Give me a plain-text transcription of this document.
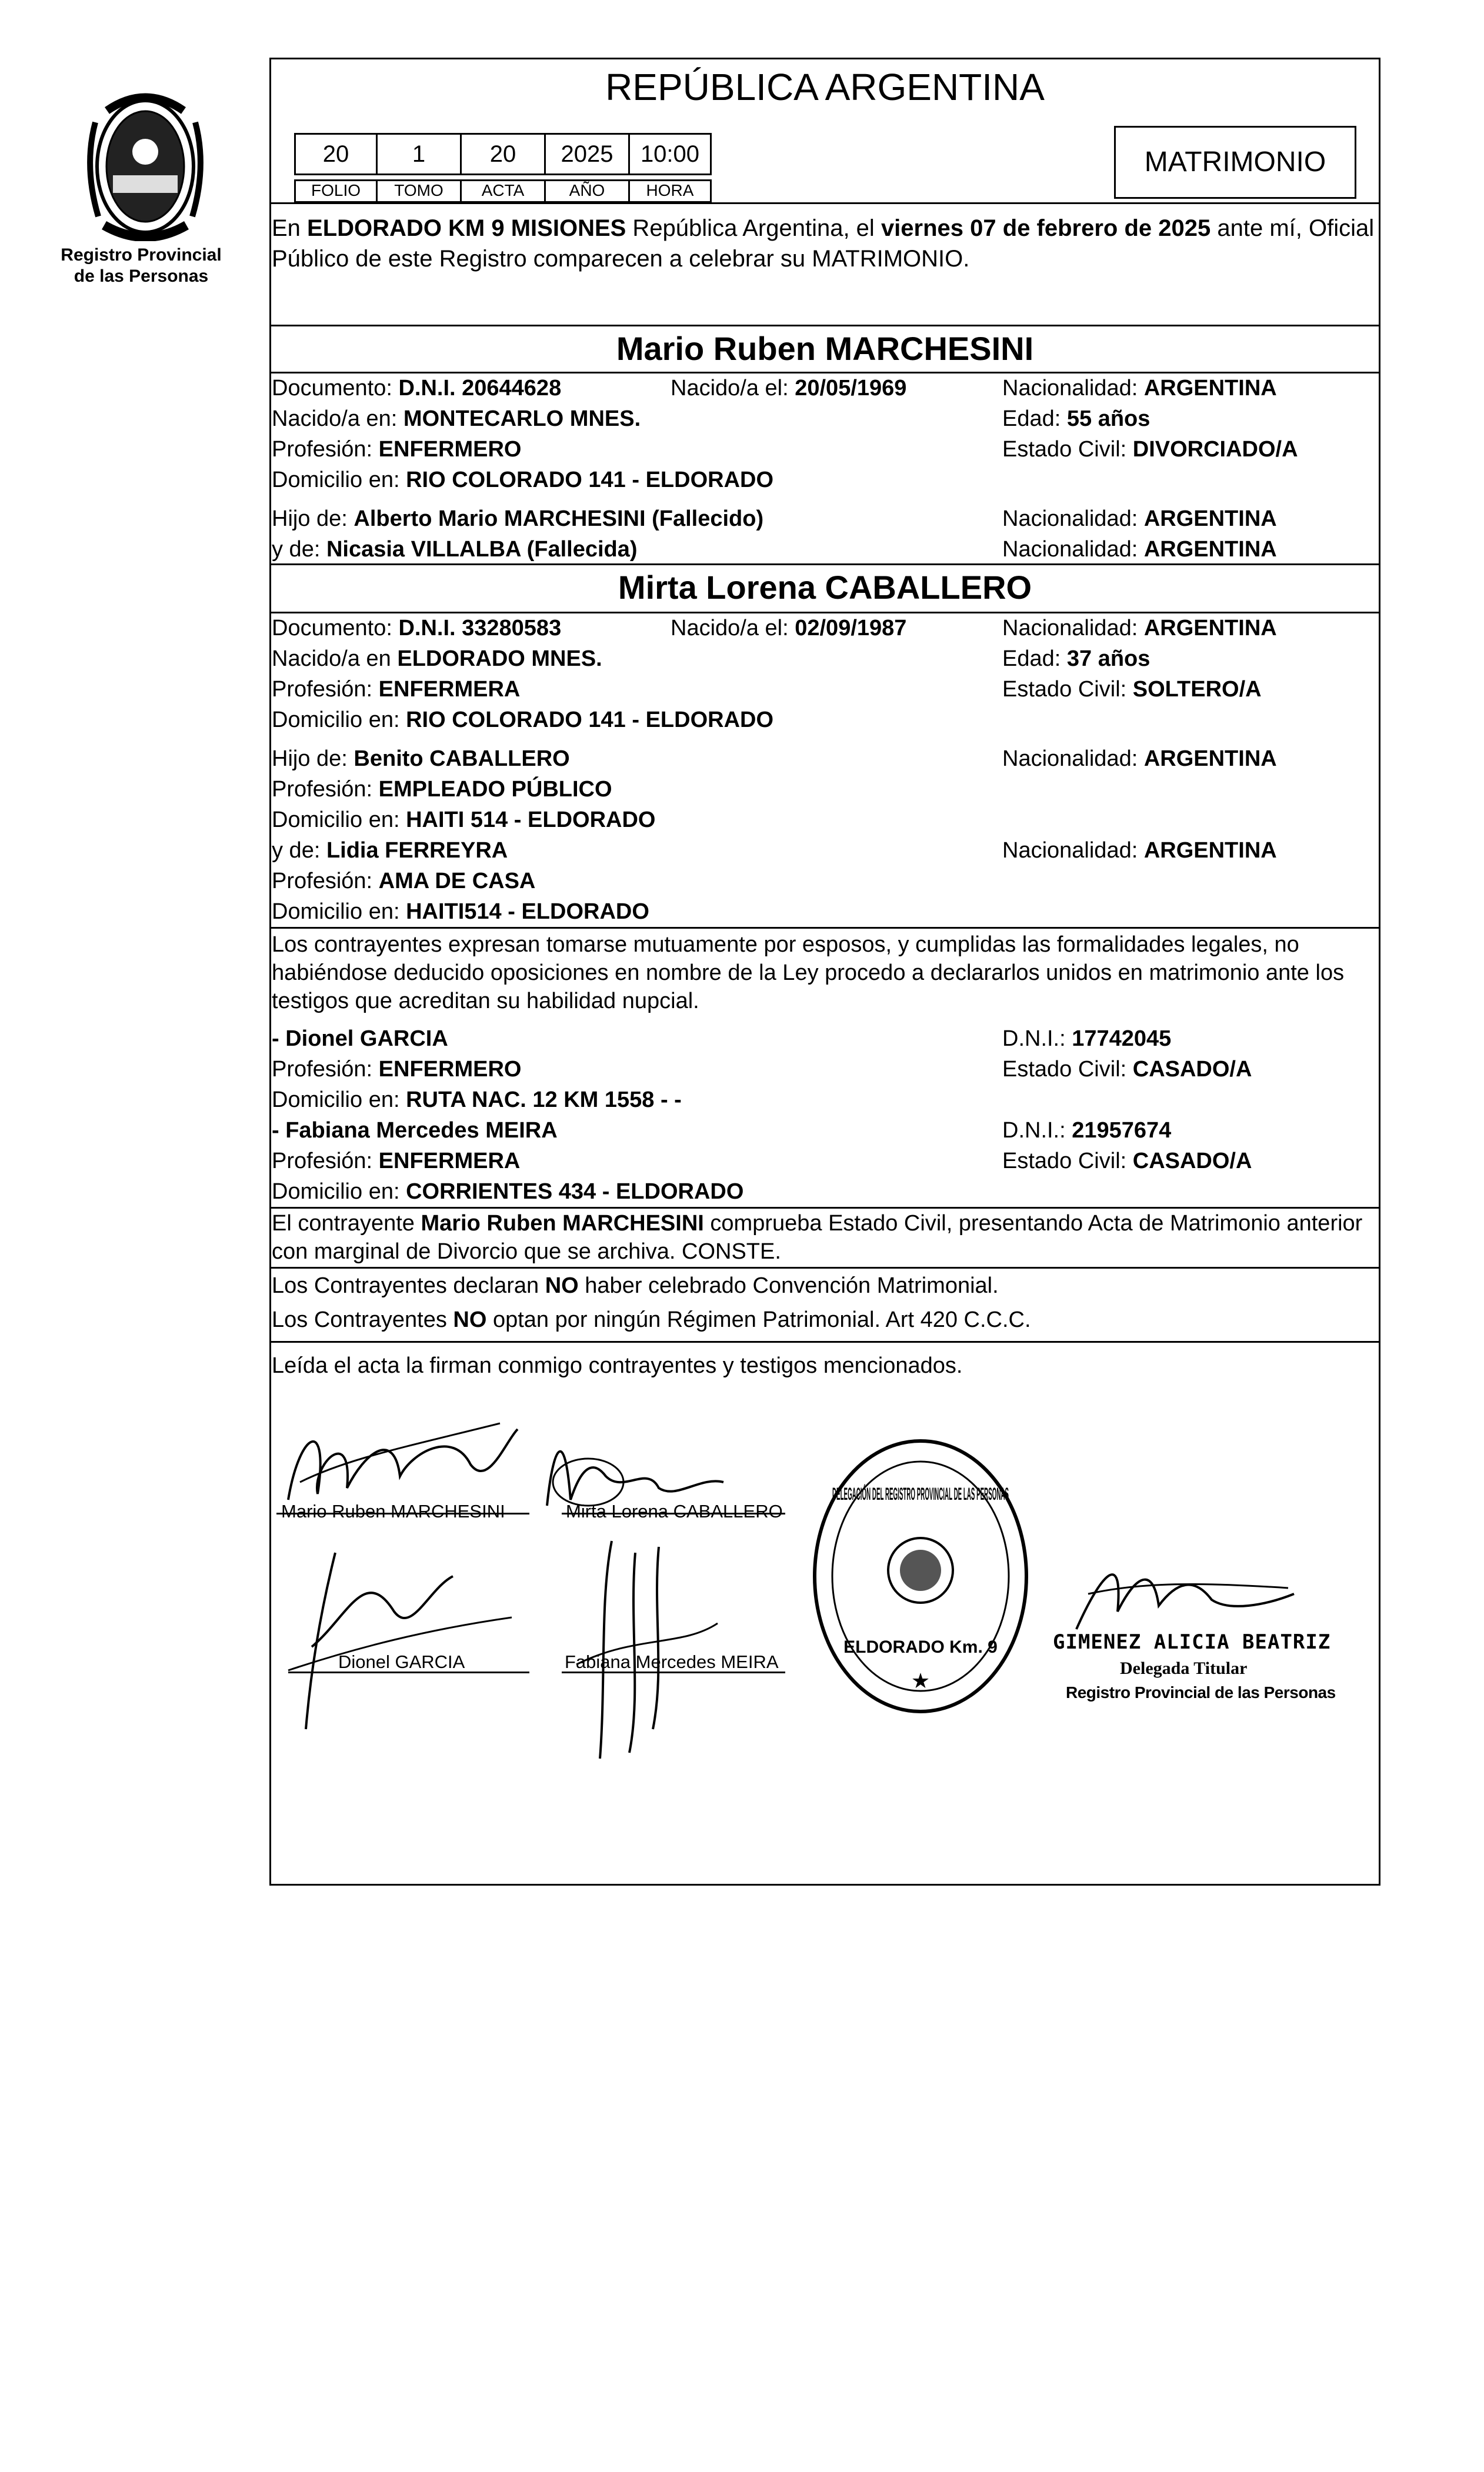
Registro Provincial
de las Personas
REPÚBLICA ARGENTINA
20	1	20	2025	10:00
FOLIO	TOMO	ACTA	AÑO	HORA
MATRIMONIO
En ELDORADO KM 9 MISIONES República Argentina, el viernes 07 de febrero de 2025 ante mí, Oficial Público de este Registro comparecen a celebrar su MATRIMONIO.
Mario Ruben MARCHESINI
Documento: D.N.I. 20644628	Nacido/a el: 20/05/1969	Nacionalidad: ARGENTINA
Nacido/a en: MONTECARLO MNES.	Edad: 55 años
Profesión: ENFERMERO	Estado Civil: DIVORCIADO/A
Domicilio en: RIO COLORADO 141 - ELDORADO
Hijo de: Alberto Mario MARCHESINI (Fallecido)	Nacionalidad: ARGENTINA
y de: Nicasia VILLALBA (Fallecida)	Nacionalidad: ARGENTINA
Mirta Lorena CABALLERO
Documento: D.N.I. 33280583	Nacido/a el: 02/09/1987	Nacionalidad: ARGENTINA
Nacido/a en ELDORADO MNES.	Edad: 37 años
Profesión: ENFERMERA	Estado Civil: SOLTERO/A
Domicilio en: RIO COLORADO 141 - ELDORADO
Hijo de: Benito CABALLERO	Nacionalidad: ARGENTINA
Profesión: EMPLEADO PÚBLICO
Domicilio en: HAITI 514 - ELDORADO
y de: Lidia FERREYRA	Nacionalidad: ARGENTINA
Profesión: AMA DE CASA
Domicilio en: HAITI514 - ELDORADO
Los contrayentes expresan tomarse mutuamente por esposos, y cumplidas las formalidades legales, no habiéndose deducido oposiciones en nombre de la Ley procedo a declararlos unidos en matrimonio ante los testigos que acreditan su habilidad nupcial.
- Dionel GARCIA	D.N.I.: 17742045
Profesión: ENFERMERO	Estado Civil: CASADO/A
Domicilio en: RUTA NAC. 12 KM 1558 - -
- Fabiana Mercedes MEIRA	D.N.I.: 21957674
Profesión: ENFERMERA	Estado Civil: CASADO/A
Domicilio en: CORRIENTES 434 - ELDORADO
El contrayente Mario Ruben MARCHESINI comprueba Estado Civil, presentando Acta de Matrimonio anterior con marginal de Divorcio que se archiva. CONSTE.
Los Contrayentes declaran NO haber celebrado Convención Matrimonial.
Los Contrayentes NO optan por ningún Régimen Patrimonial. Art 420 C.C.C.
Leída el acta la firman conmigo contrayentes y testigos mencionados.
Mario Ruben MARCHESINI	Mirta Lorena CABALLERO
Dionel GARCIA	Fabiana Mercedes MEIRA
DELEGACIÓN DEL REGISTRO PROVINCIAL DE LAS PERSONAS
ELDORADO Km. 9
★
GIMENEZ ALICIA BEATRIZ
Delegada Titular
Registro Provincial de las Personas
